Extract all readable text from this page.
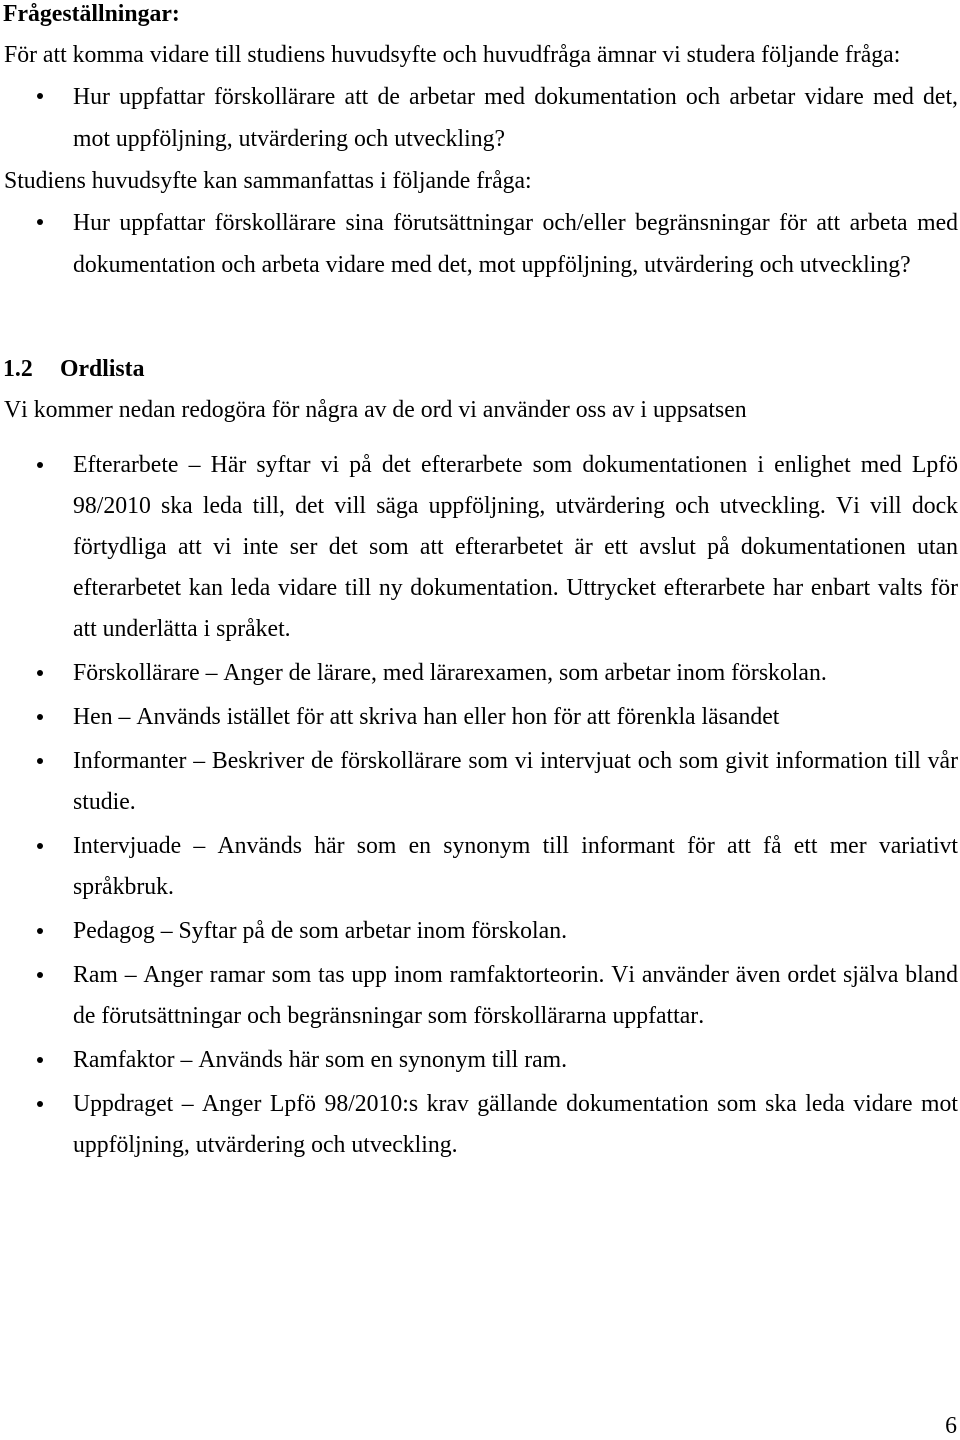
Frågeställningar:

För att komma vidare till studiens huvudsyfte och huvudfråga ämnar vi studera följande fråga:

Hur uppfattar förskollärare att de arbetar med dokumentation och arbetar vidare med det, mot uppföljning, utvärdering och utveckling?

Studiens huvudsyfte kan sammanfattas i följande fråga:

Hur uppfattar förskollärare sina förutsättningar och/eller begränsningar för att arbeta med dokumentation och arbeta vidare med det, mot uppföljning, utvärdering och utveckling?
1.2 Ordlista

Vi kommer nedan redogöra för några av de ord vi använder oss av i uppsatsen

Efterarbete – Här syftar vi på det efterarbete som dokumentationen i enlighet med Lpfö 98/2010 ska leda till, det vill säga uppföljning, utvärdering och utveckling. Vi vill dock förtydliga att vi inte ser det som att efterarbetet är ett avslut på dokumentationen utan efterarbetet kan leda vidare till ny dokumentation. Uttrycket efterarbete har enbart valts för att underlätta i språket.
Förskollärare – Anger de lärare, med lärarexamen, som arbetar inom förskolan.
Hen – Används istället för att skriva han eller hon för att förenkla läsandet
Informanter – Beskriver de förskollärare som vi intervjuat och som givit information till vår studie.
Intervjuade – Används här som en synonym till informant för att få ett mer variativt språkbruk.
Pedagog – Syftar på de som arbetar inom förskolan.
Ram – Anger ramar som tas upp inom ramfaktorteorin. Vi använder även ordet själva bland de förutsättningar och begränsningar som förskollärarna uppfattar.
Ramfaktor – Används här som en synonym till ram.
Uppdraget – Anger Lpfö 98/2010:s krav gällande dokumentation som ska leda vidare mot uppföljning, utvärdering och utveckling.
6
